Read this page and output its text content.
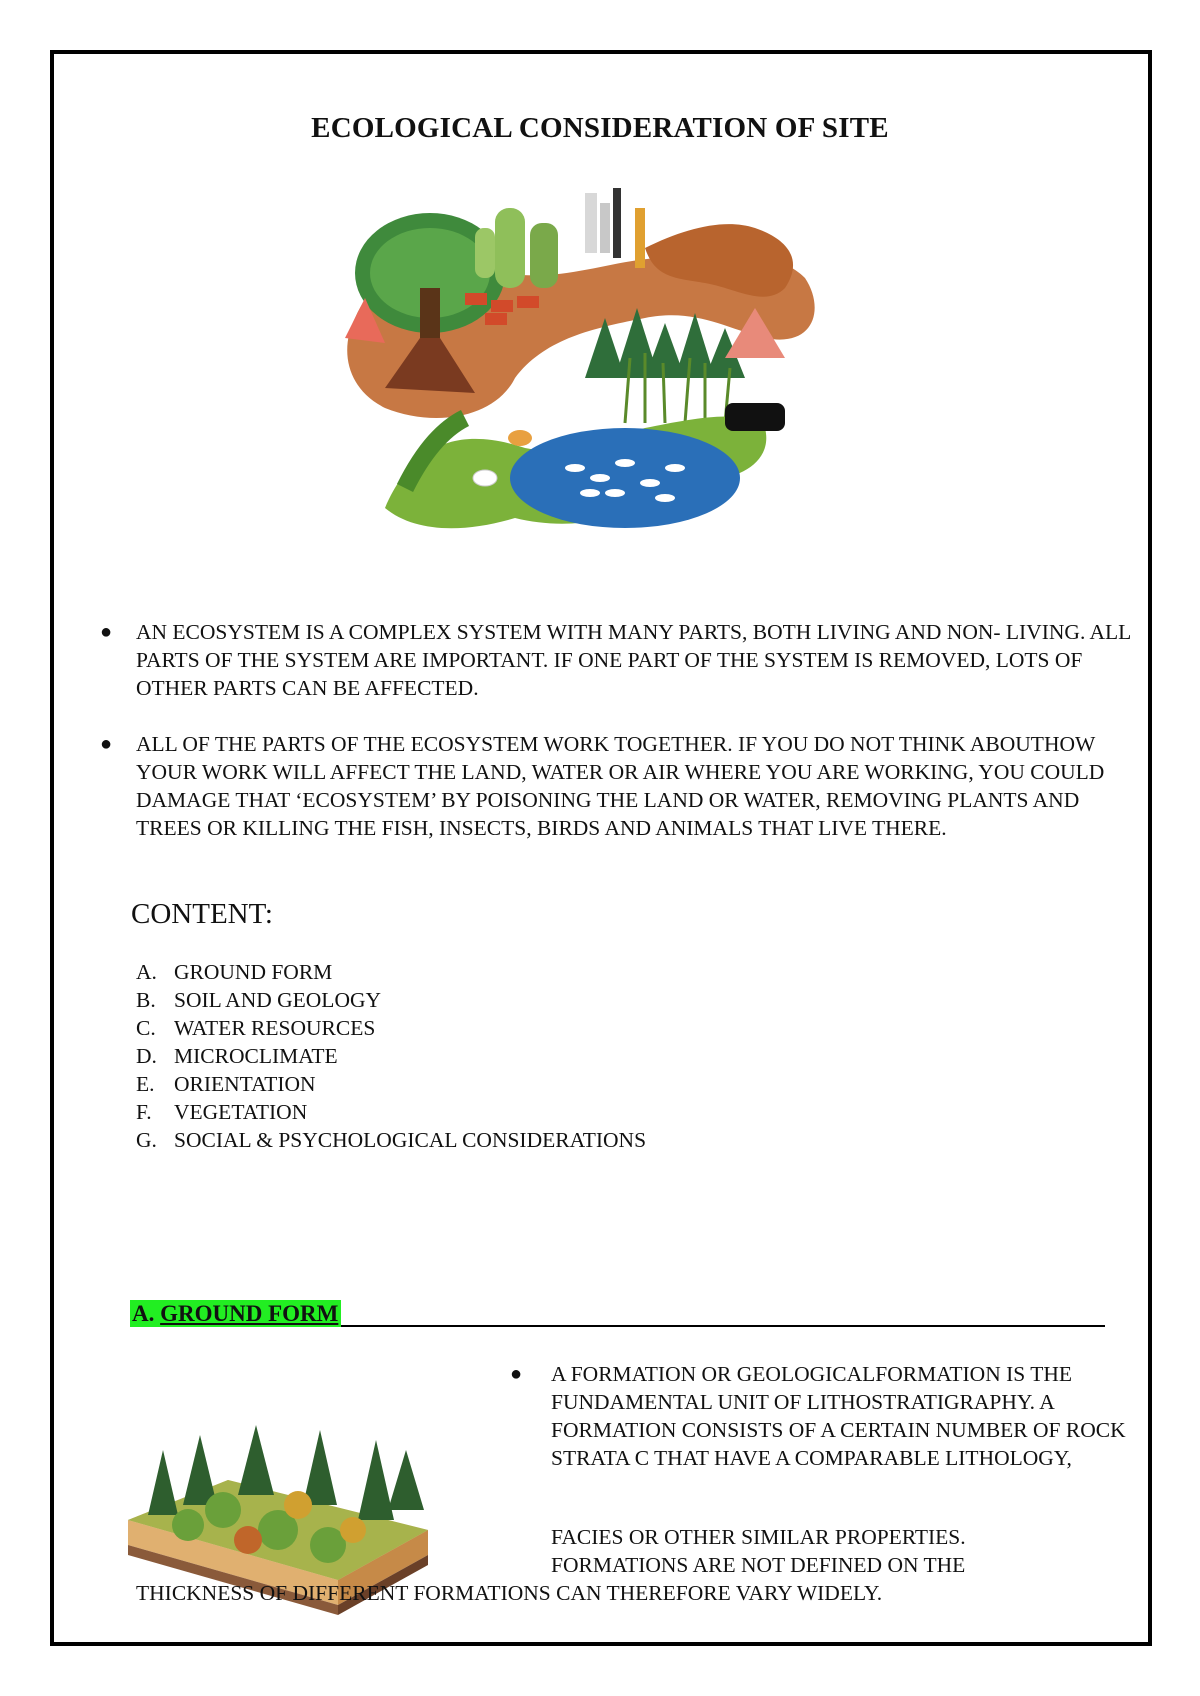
ECOLOGICAL CONSIDERATION OF SITE
● AN ECOSYSTEM IS A COMPLEX SYSTEM WITH MANY PARTS, BOTH LIVING AND NON- LIVING. ALL PARTS OF THE SYSTEM ARE IMPORTANT. IF ONE PART OF THE SYSTEM IS REMOVED, LOTS OF OTHER PARTS CAN BE AFFECTED.
● ALL OF THE PARTS OF THE ECOSYSTEM WORK TOGETHER. IF YOU DO NOT THINK ABOUTHOW YOUR WORK WILL AFFECT THE LAND, WATER OR AIR WHERE YOU ARE WORKING, YOU COULD DAMAGE THAT ‘ECOSYSTEM’ BY POISONING THE LAND OR WATER, REMOVING PLANTS AND TREES OR KILLING THE FISH, INSECTS, BIRDS AND ANIMALS THAT LIVE THERE.
CONTENT:
A. GROUND FORM
B. SOIL AND GEOLOGY
C. WATER RESOURCES
D. MICROCLIMATE
E. ORIENTATION
F. VEGETATION
G. SOCIAL & PSYCHOLOGICAL CONSIDERATIONS
A. GROUND FORM
● A FORMATION OR GEOLOGICALFORMATION IS THE FUNDAMENTAL UNIT OF LITHOSTRATIGRAPHY. A FORMATION CONSISTS OF A CERTAIN NUMBER OF ROCK STRATA C THAT HAVE A COMPARABLE LITHOLOGY,
FACIES OR OTHER SIMILAR PROPERTIES.
FORMATIONS ARE NOT DEFINED ON THE
THICKNESS OF DIFFERENT FORMATIONS CAN THEREFORE VARY WIDELY.
